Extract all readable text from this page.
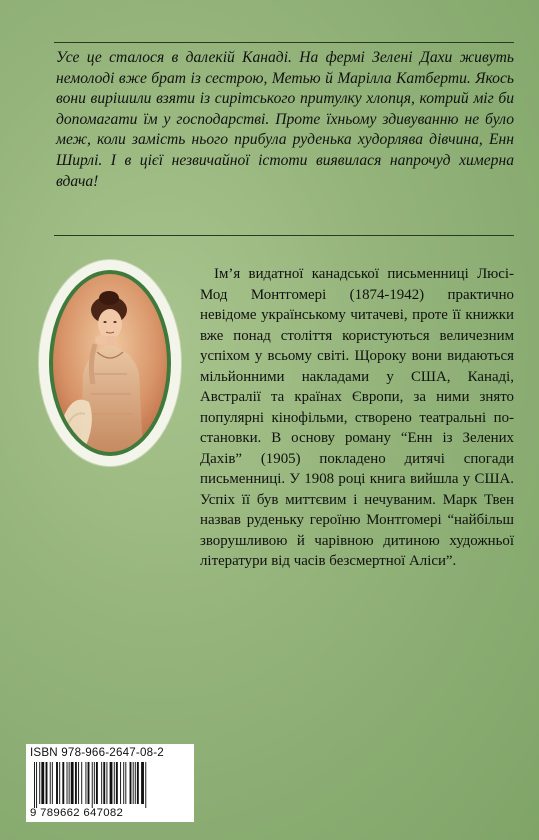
Усе це сталося в далекій Канаді. На фермі Зелені Дахи живуть немолоді вже брат із сестрою, Метью й Марілла Катберти. Якось вони вирішили взяти із сирітського притулку хлопця, котрий міг би допомагати їм у господарстві. Проте їхньому здивуванню не було меж, коли замість нього прибула руденька худорлява дівчина, Енн Ширлі. І в цієї незвичайної істоти виявилася напрочуд химерна вдача!

Ім’я видатної канадської письменниці Люсі-Мод Монтгомері (1874-1942) практично невідоме українському читачеві, проте її книжки вже понад століття користуються величезним успіхом у всьому світі. Щороку вони видаються мільйонними накладами у США, Канаді, Австралії та країнах Європи, за ними знято популярні кінофільми, створено театральні постановки. В основу роману “Енн із Зелених Дахів” (1905) покладено дитячі спогади письменниці. У 1908 році книга вийшла у США. Успіх її був миттєвим і нечуваним. Марк Твен назвав руденьку героїню Монтгомері “найбільш зворушливою й чарівною дитиною художньої літератури від часів безсмертної Аліси”.

ISBN 978-966-2647-08-2
9 789662 647082
